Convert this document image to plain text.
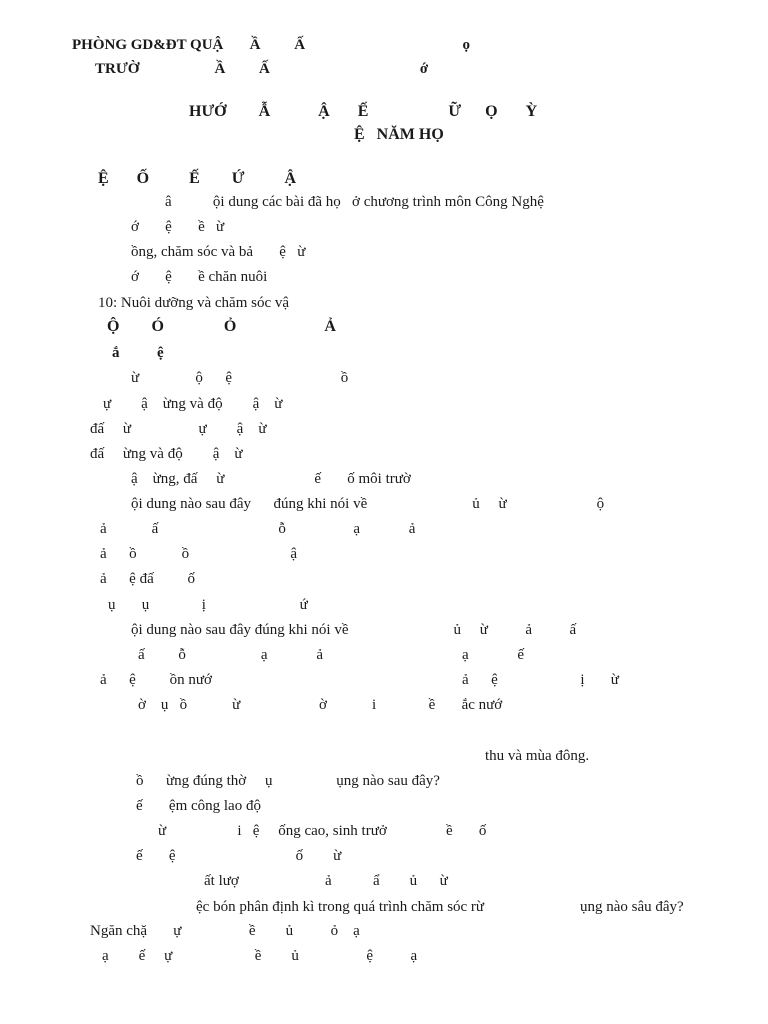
PHÒNG GD&ĐT QUẬ       Ầ         Ấ                                          ọ
TRƯỜ                    Ầ         Ấ                                        ớ
HƯỚ        Ẫ            Ậ       Ế                    Ữ      Ọ       Ỳ
Ệ   NĂM HỌ
Ệ       Ố          Ế        Ứ          Ậ
â           ội dung các bài đã họ   ở chương trình môn Công Nghệ
ớ       ệ       ề   ừ
ồng, chăm sóc và bả       ệ   ừ
ớ       ệ       ề chăn nuôi
10: Nuôi dưỡng và chăm sóc vậ
Ộ        Ó               Ỏ                      Ả
ắ          ệ
ừ               ộ      ệ                             ồ
ự        ậ    ừng và độ        ậ    ừ
đấ     ừ                  ự        ậ    ừ
đấ     ừng và độ        ậ    ừ
ậ    ừng, đấ     ừ                        ế       ố môi trườ
ội dung nào sau đây      đúng khi nói về                            ủ     ừ                        ộ
ả            ấ                                ỗ                  ạ             ả
ả      ồ            ồ                           ậ
ả      ệ đấ         ố
ụ       ụ              ị                         ứ
ội dung nào sau đây đúng khi nói về                            ủ     ừ          ả          ấ
ấ         ỗ                    ạ             ả
ả      ệ         ồn nướ
ờ    ụ   ồ            ừ                     ờ            i              ề       ắc nướ
ạ             ế
ả      ệ                      ị       ừ
thu và mùa đông.
ồ      ừng đúng thờ     ụ                 ụng nào sau đây?
ế       ệm công lao độ
ừ                   i   ệ     ống cao, sinh trưở	ề       ố
ế       ệ                                ố        ừ
ất lượ                       ả           ẩ        ủ      ừ
ệc bón phân định kì trong quá trình chăm sóc rừ	ụng nào sâu đây?
Ngăn chặ       ự                  ề        ủ          ỏ    ạ
ạ        ế     ự                      ề        ủ                  ệ          ạ
